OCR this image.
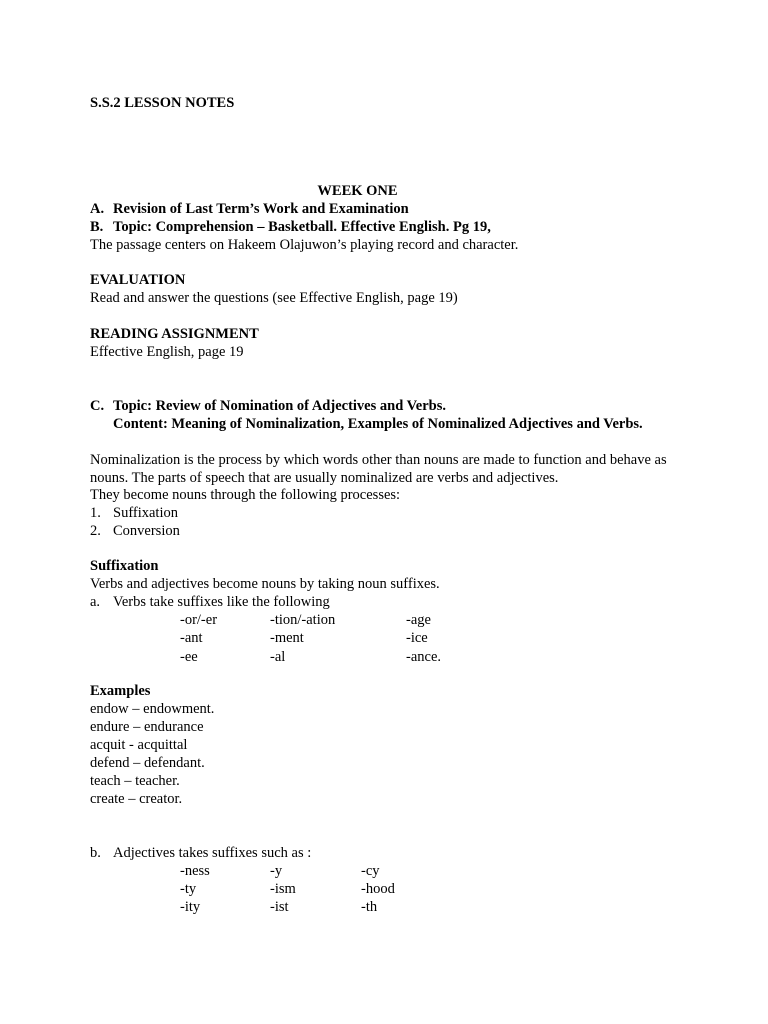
S.S.2 LESSON NOTES
WEEK ONE
A. Revision of Last Term’s Work and Examination
B. Topic: Comprehension – Basketball. Effective English. Pg 19,
The passage centers on Hakeem Olajuwon’s playing record and character.
EVALUATION
Read and answer the questions (see Effective English, page 19)
READING ASSIGNMENT
Effective English, page 19
C. Topic: Review of Nomination of Adjectives and Verbs.
Content: Meaning of Nominalization, Examples of Nominalized Adjectives and Verbs.
Nominalization is the process by which words other than nouns are made to function and behave as nouns. The parts of speech that are usually nominalized are verbs and adjectives.
They become nouns through the following processes:
1. Suffixation
2. Conversion
Suffixation
Verbs and adjectives become nouns by taking noun suffixes.
a. Verbs take suffixes like the following
-or/-er	-tion/-ation	-age
-ant	-ment	-ice
-ee	-al	-ance.
Examples
endow – endowment.
endure – endurance
acquit - acquittal
defend – defendant.
teach – teacher.
create – creator.
b. Adjectives takes suffixes such as :
-ness	-y	-cy
-ty	-ism	-hood
-ity	-ist	-th
